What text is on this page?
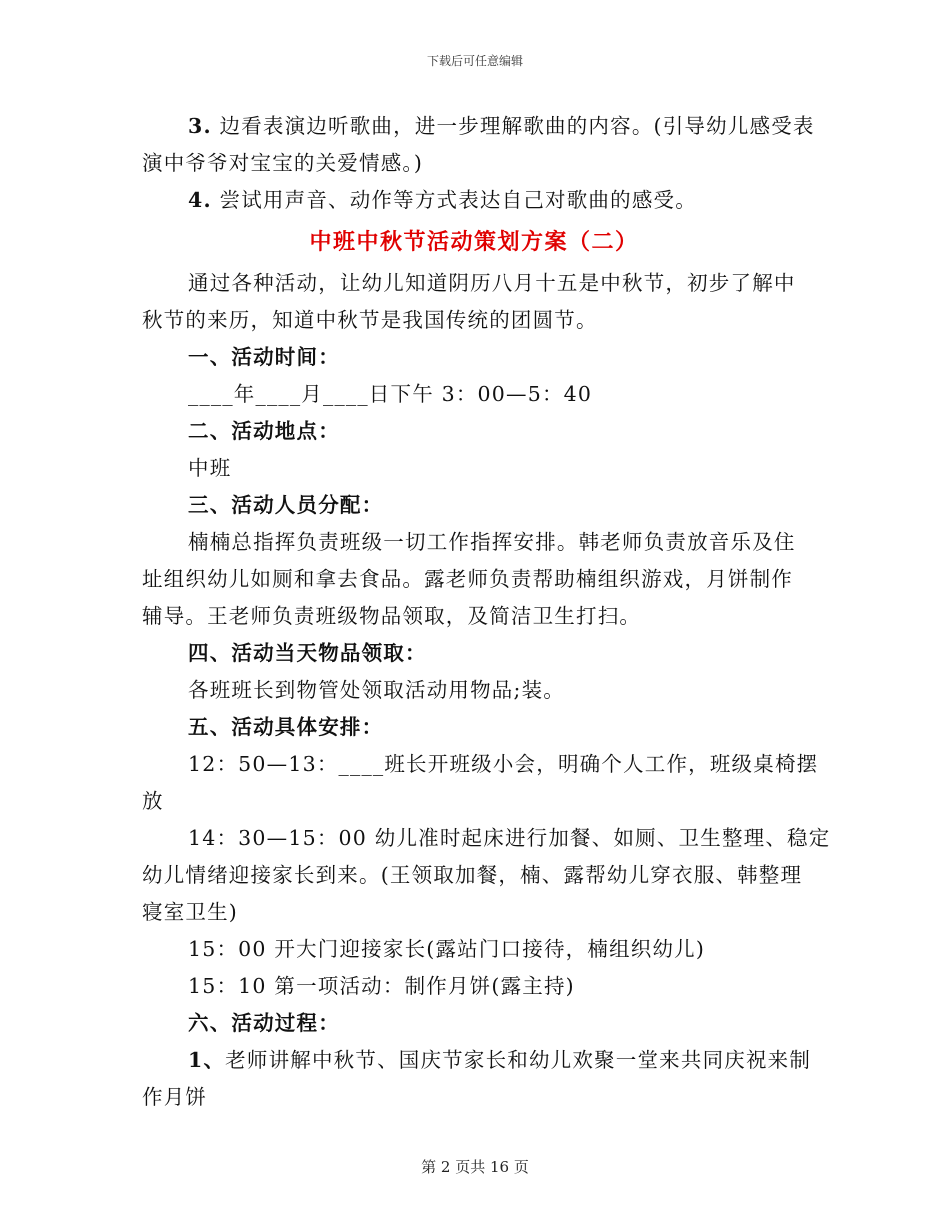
下载后可任意编辑

3. 边看表演边听歌曲，进一步理解歌曲的内容。(引导幼儿感受表

演中爷爷对宝宝的关爱情感。)

4. 尝试用声音、动作等方式表达自己对歌曲的感受。

中班中秋节活动策划方案（二）

通过各种活动，让幼儿知道阴历八月十五是中秋节，初步了解中

秋节的来历，知道中秋节是我国传统的团圆节。

一、活动时间：

____年____月____日下午 3：00—5：40

二、活动地点：

中班

三、活动人员分配：

楠楠总指挥负责班级一切工作指挥安排。韩老师负责放音乐及住

址组织幼儿如厕和拿去食品。露老师负责帮助楠组织游戏，月饼制作

辅导。王老师负责班级物品领取，及简洁卫生打扫。

四、活动当天物品领取：

各班班长到物管处领取活动用物品;装。

五、活动具体安排：

12：50—13：____班长开班级小会，明确个人工作，班级桌椅摆

放

14：30—15：00 幼儿准时起床进行加餐、如厕、卫生整理、稳定

幼儿情绪迎接家长到来。(王领取加餐，楠、露帮幼儿穿衣服、韩整理

寝室卫生)

15：00 开大门迎接家长(露站门口接待，楠组织幼儿)

15：10 第一项活动：制作月饼(露主持)

六、活动过程：

1、老师讲解中秋节、国庆节家长和幼儿欢聚一堂来共同庆祝来制

作月饼

第 2 页共 16 页
